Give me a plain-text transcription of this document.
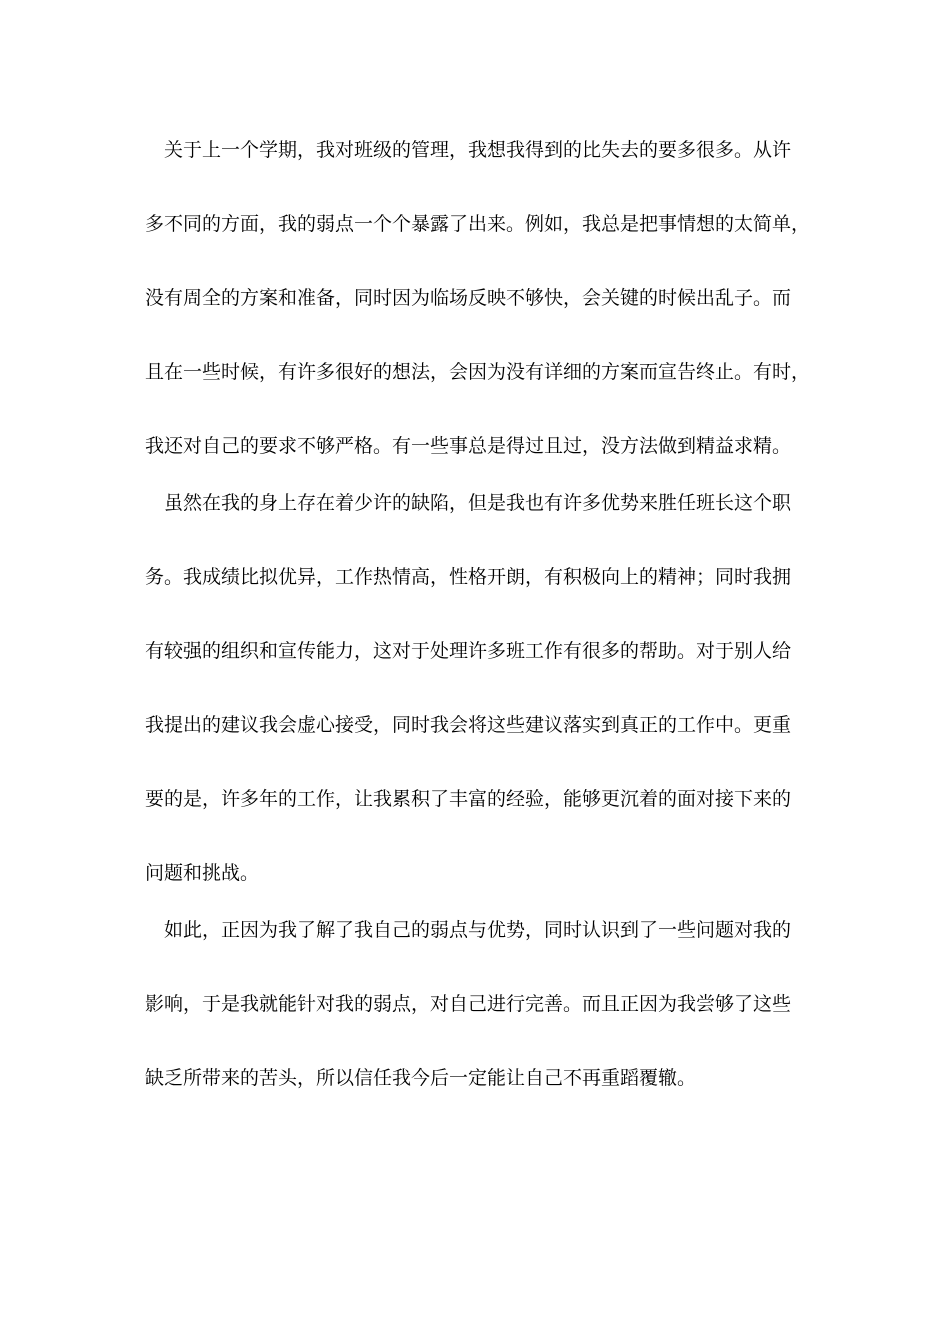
　关于上一个学期，我对班级的管理，我想我得到的比失去的要多很多。从许
多不同的方面，我的弱点一个个暴露了出来。例如，我总是把事情想的太简单，
没有周全的方案和准备，同时因为临场反映不够快，会关键的时候出乱子。而
且在一些时候，有许多很好的想法，会因为没有详细的方案而宣告终止。有时，
我还对自己的要求不够严格。有一些事总是得过且过，没方法做到精益求精。
　虽然在我的身上存在着少许的缺陷，但是我也有许多优势来胜任班长这个职
务。我成绩比拟优异，工作热情高，性格开朗，有积极向上的精神；同时我拥
有较强的组织和宣传能力，这对于处理许多班工作有很多的帮助。对于别人给
我提出的建议我会虚心接受，同时我会将这些建议落实到真正的工作中。更重
要的是，许多年的工作，让我累积了丰富的经验，能够更沉着的面对接下来的
问题和挑战。
　如此，正因为我了解了我自己的弱点与优势，同时认识到了一些问题对我的
影响，于是我就能针对我的弱点，对自己进行完善。而且正因为我尝够了这些
缺乏所带来的苦头，所以信任我今后一定能让自己不再重蹈覆辙。
